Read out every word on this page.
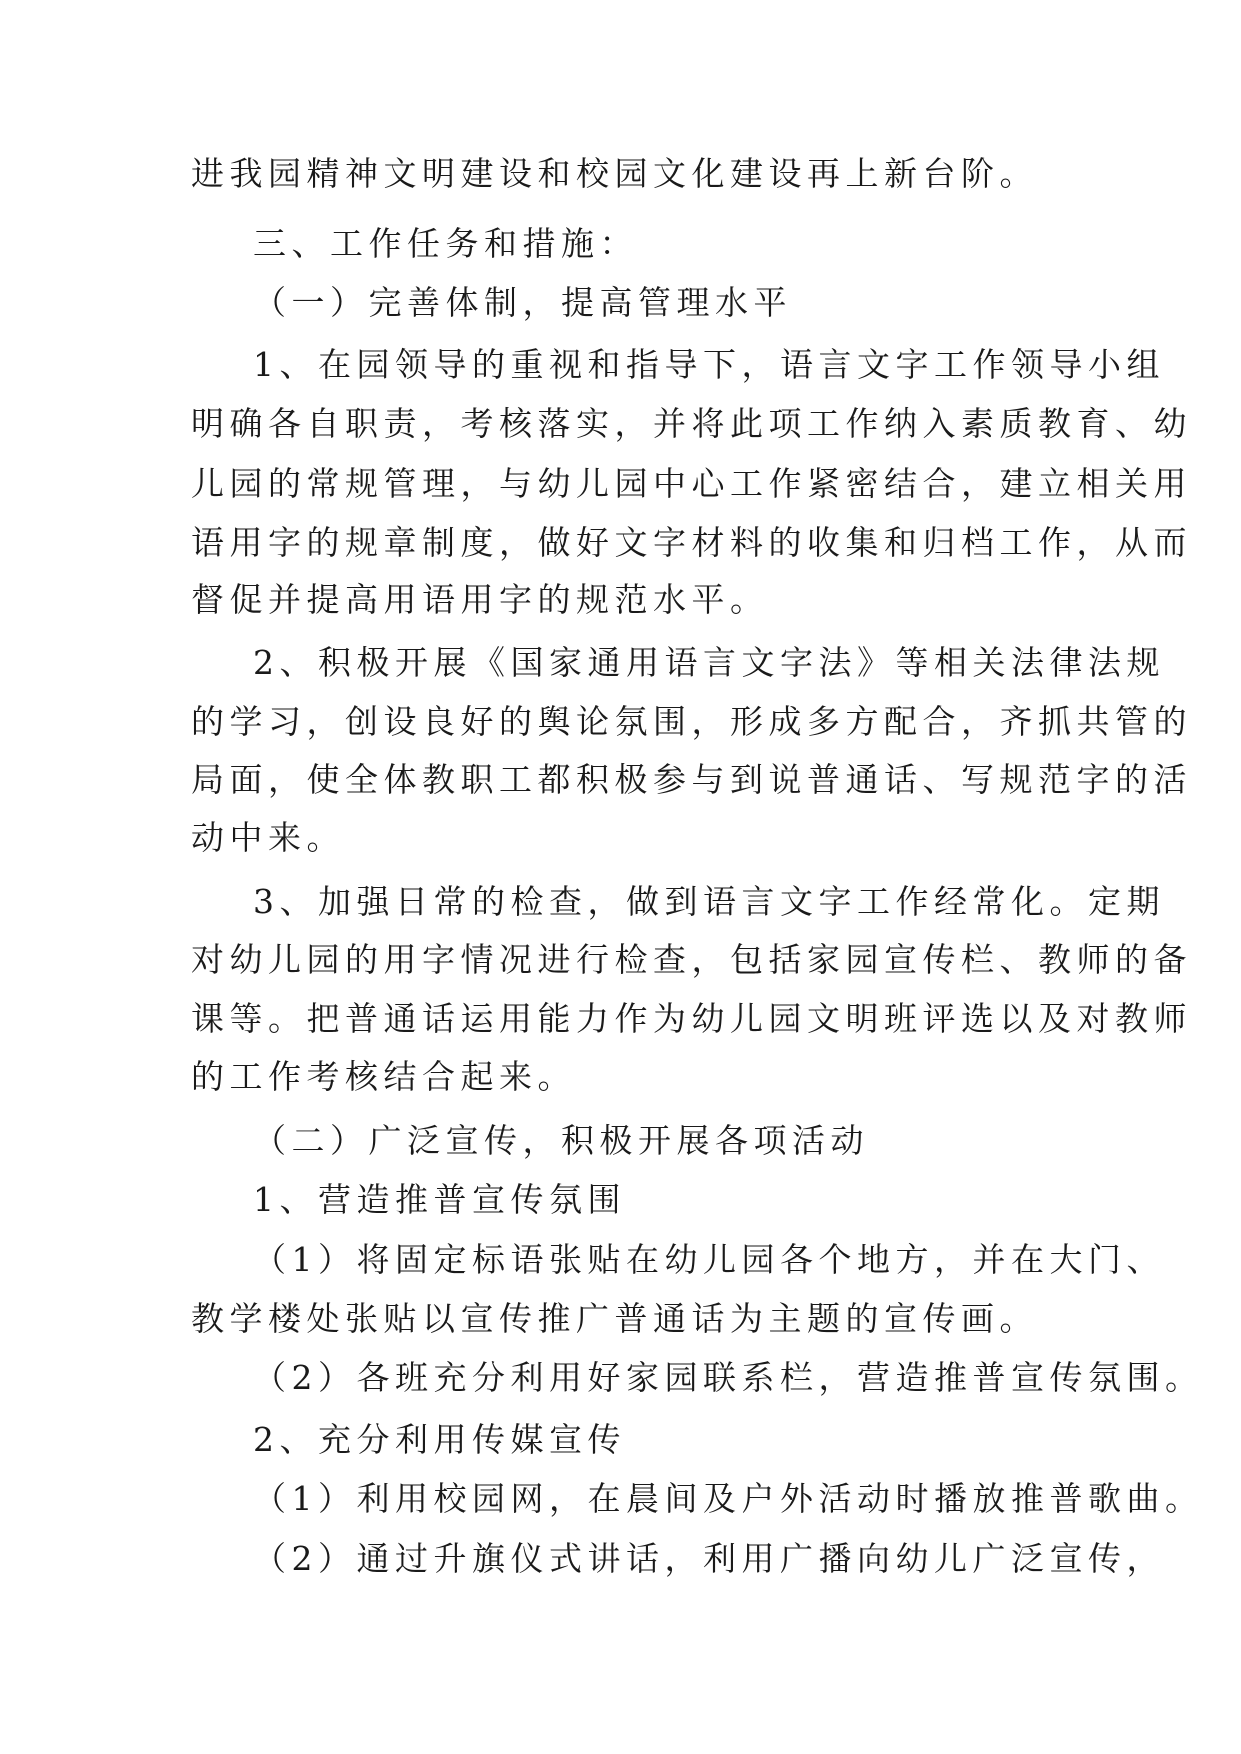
进我园精神文明建设和校园文化建设再上新台阶。
三、工作任务和措施：
（一）完善体制，提高管理水平
1、在园领导的重视和指导下，语言文字工作领导小组
明确各自职责，考核落实，并将此项工作纳入素质教育、幼
儿园的常规管理，与幼儿园中心工作紧密结合，建立相关用
语用字的规章制度，做好文字材料的收集和归档工作，从而
督促并提高用语用字的规范水平。
2、积极开展《国家通用语言文字法》等相关法律法规
的学习，创设良好的舆论氛围，形成多方配合，齐抓共管的
局面，使全体教职工都积极参与到说普通话、写规范字的活
动中来。
3、加强日常的检查，做到语言文字工作经常化。定期
对幼儿园的用字情况进行检查，包括家园宣传栏、教师的备
课等。把普通话运用能力作为幼儿园文明班评选以及对教师
的工作考核结合起来。
（二）广泛宣传，积极开展各项活动
1、营造推普宣传氛围
（1）将固定标语张贴在幼儿园各个地方，并在大门、
教学楼处张贴以宣传推广普通话为主题的宣传画。
（2）各班充分利用好家园联系栏，营造推普宣传氛围。
（1）利用校园网，在晨间及户外活动时播放推普歌曲。
2、充分利用传媒宣传
（2）通过升旗仪式讲话，利用广播向幼儿广泛宣传，
